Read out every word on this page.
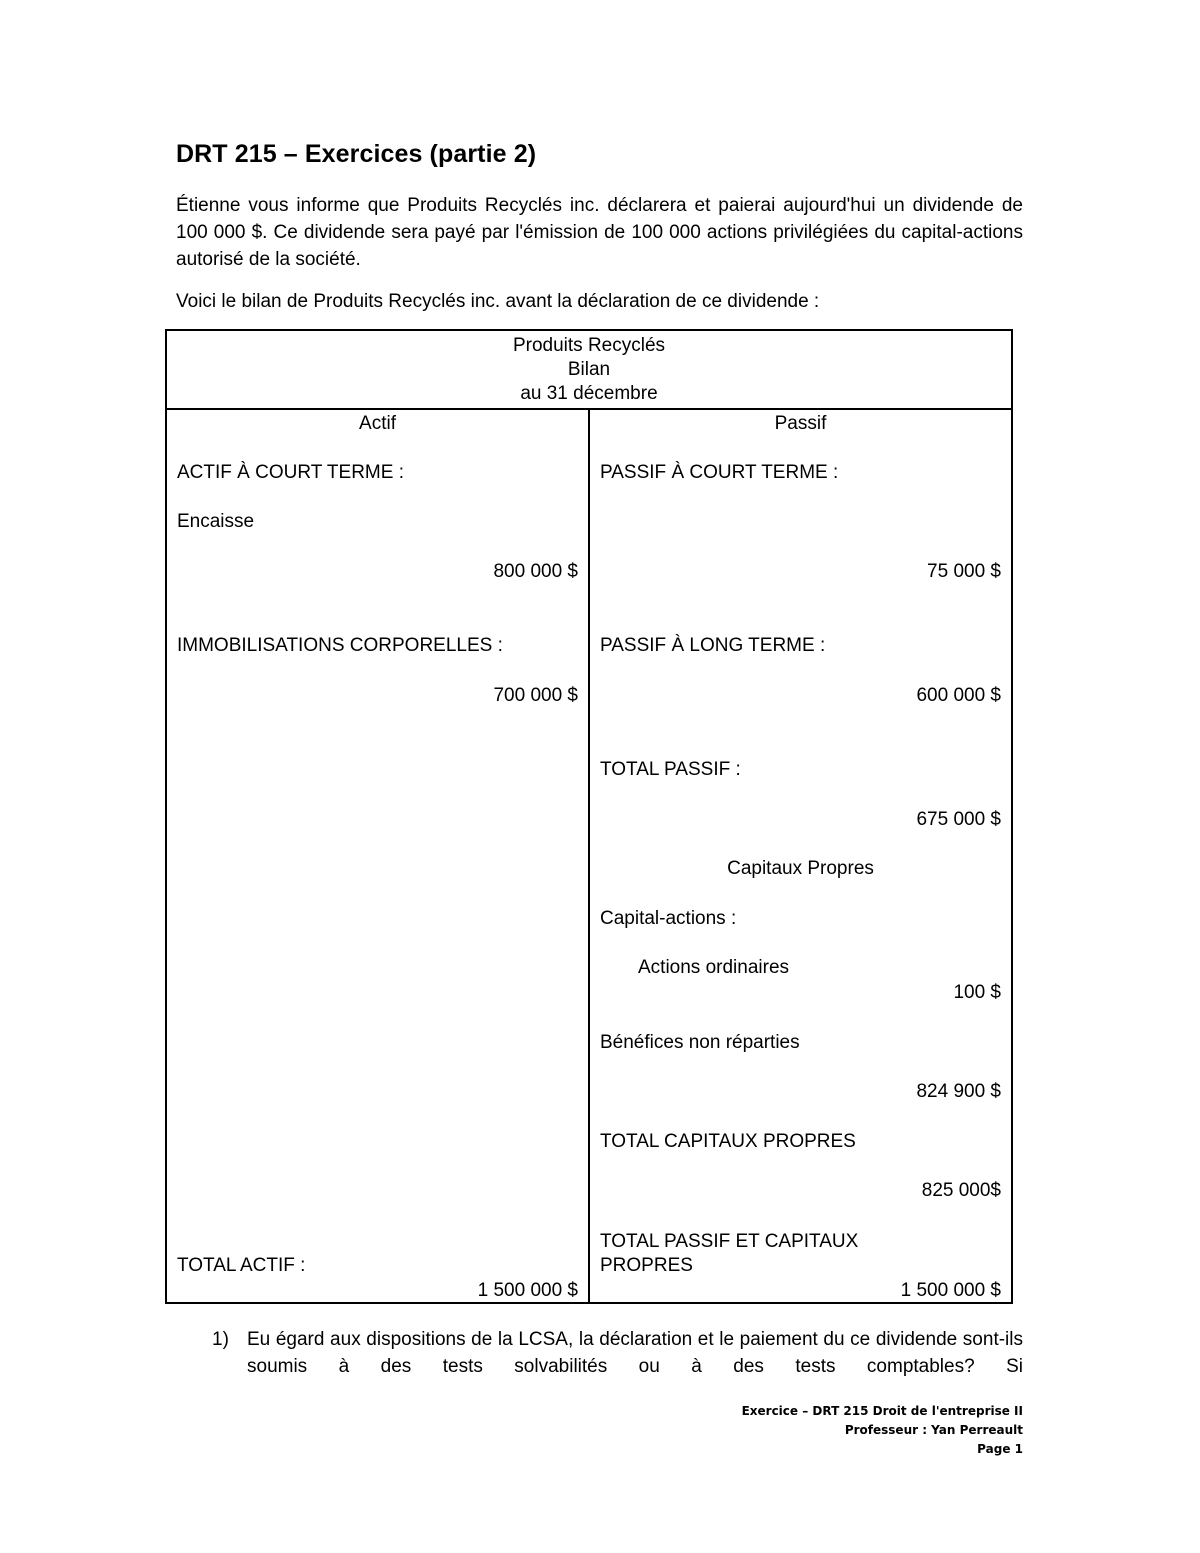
DRT 215 – Exercices (partie 2)
Étienne vous informe que Produits Recyclés inc. déclarera et paierai aujourd'hui un dividende de 100 000 $. Ce dividende sera payé par l'émission de 100 000 actions privilégiées du capital-actions autorisé de la société.
Voici le bilan de Produits Recyclés inc. avant la déclaration de ce dividende :
Produits Recyclés
Bilan
au 31 décembre

Actif
ACTIF À COURT TERME :
Encaisse
800 000 $
IMMOBILISATIONS CORPORELLES :
700 000 $
TOTAL ACTIF :
1 500 000 $

Passif
PASSIF À COURT TERME :
75 000 $
PASSIF À LONG TERME :
600 000 $
TOTAL PASSIF :
675 000 $
Capitaux Propres
Capital-actions :
Actions ordinaires
100 $
Bénéfices non réparties
824 900 $
TOTAL CAPITAUX PROPRES
825 000$
TOTAL PASSIF ET CAPITAUX
PROPRES
1 500 000 $
1) Eu égard aux dispositions de la LCSA, la déclaration et le paiement du ce dividende sont-ils soumis à des tests solvabilités ou à des tests comptables? Si
Exercice – DRT 215 Droit de l'entreprise II
Professeur : Yan Perreault
Page 1
